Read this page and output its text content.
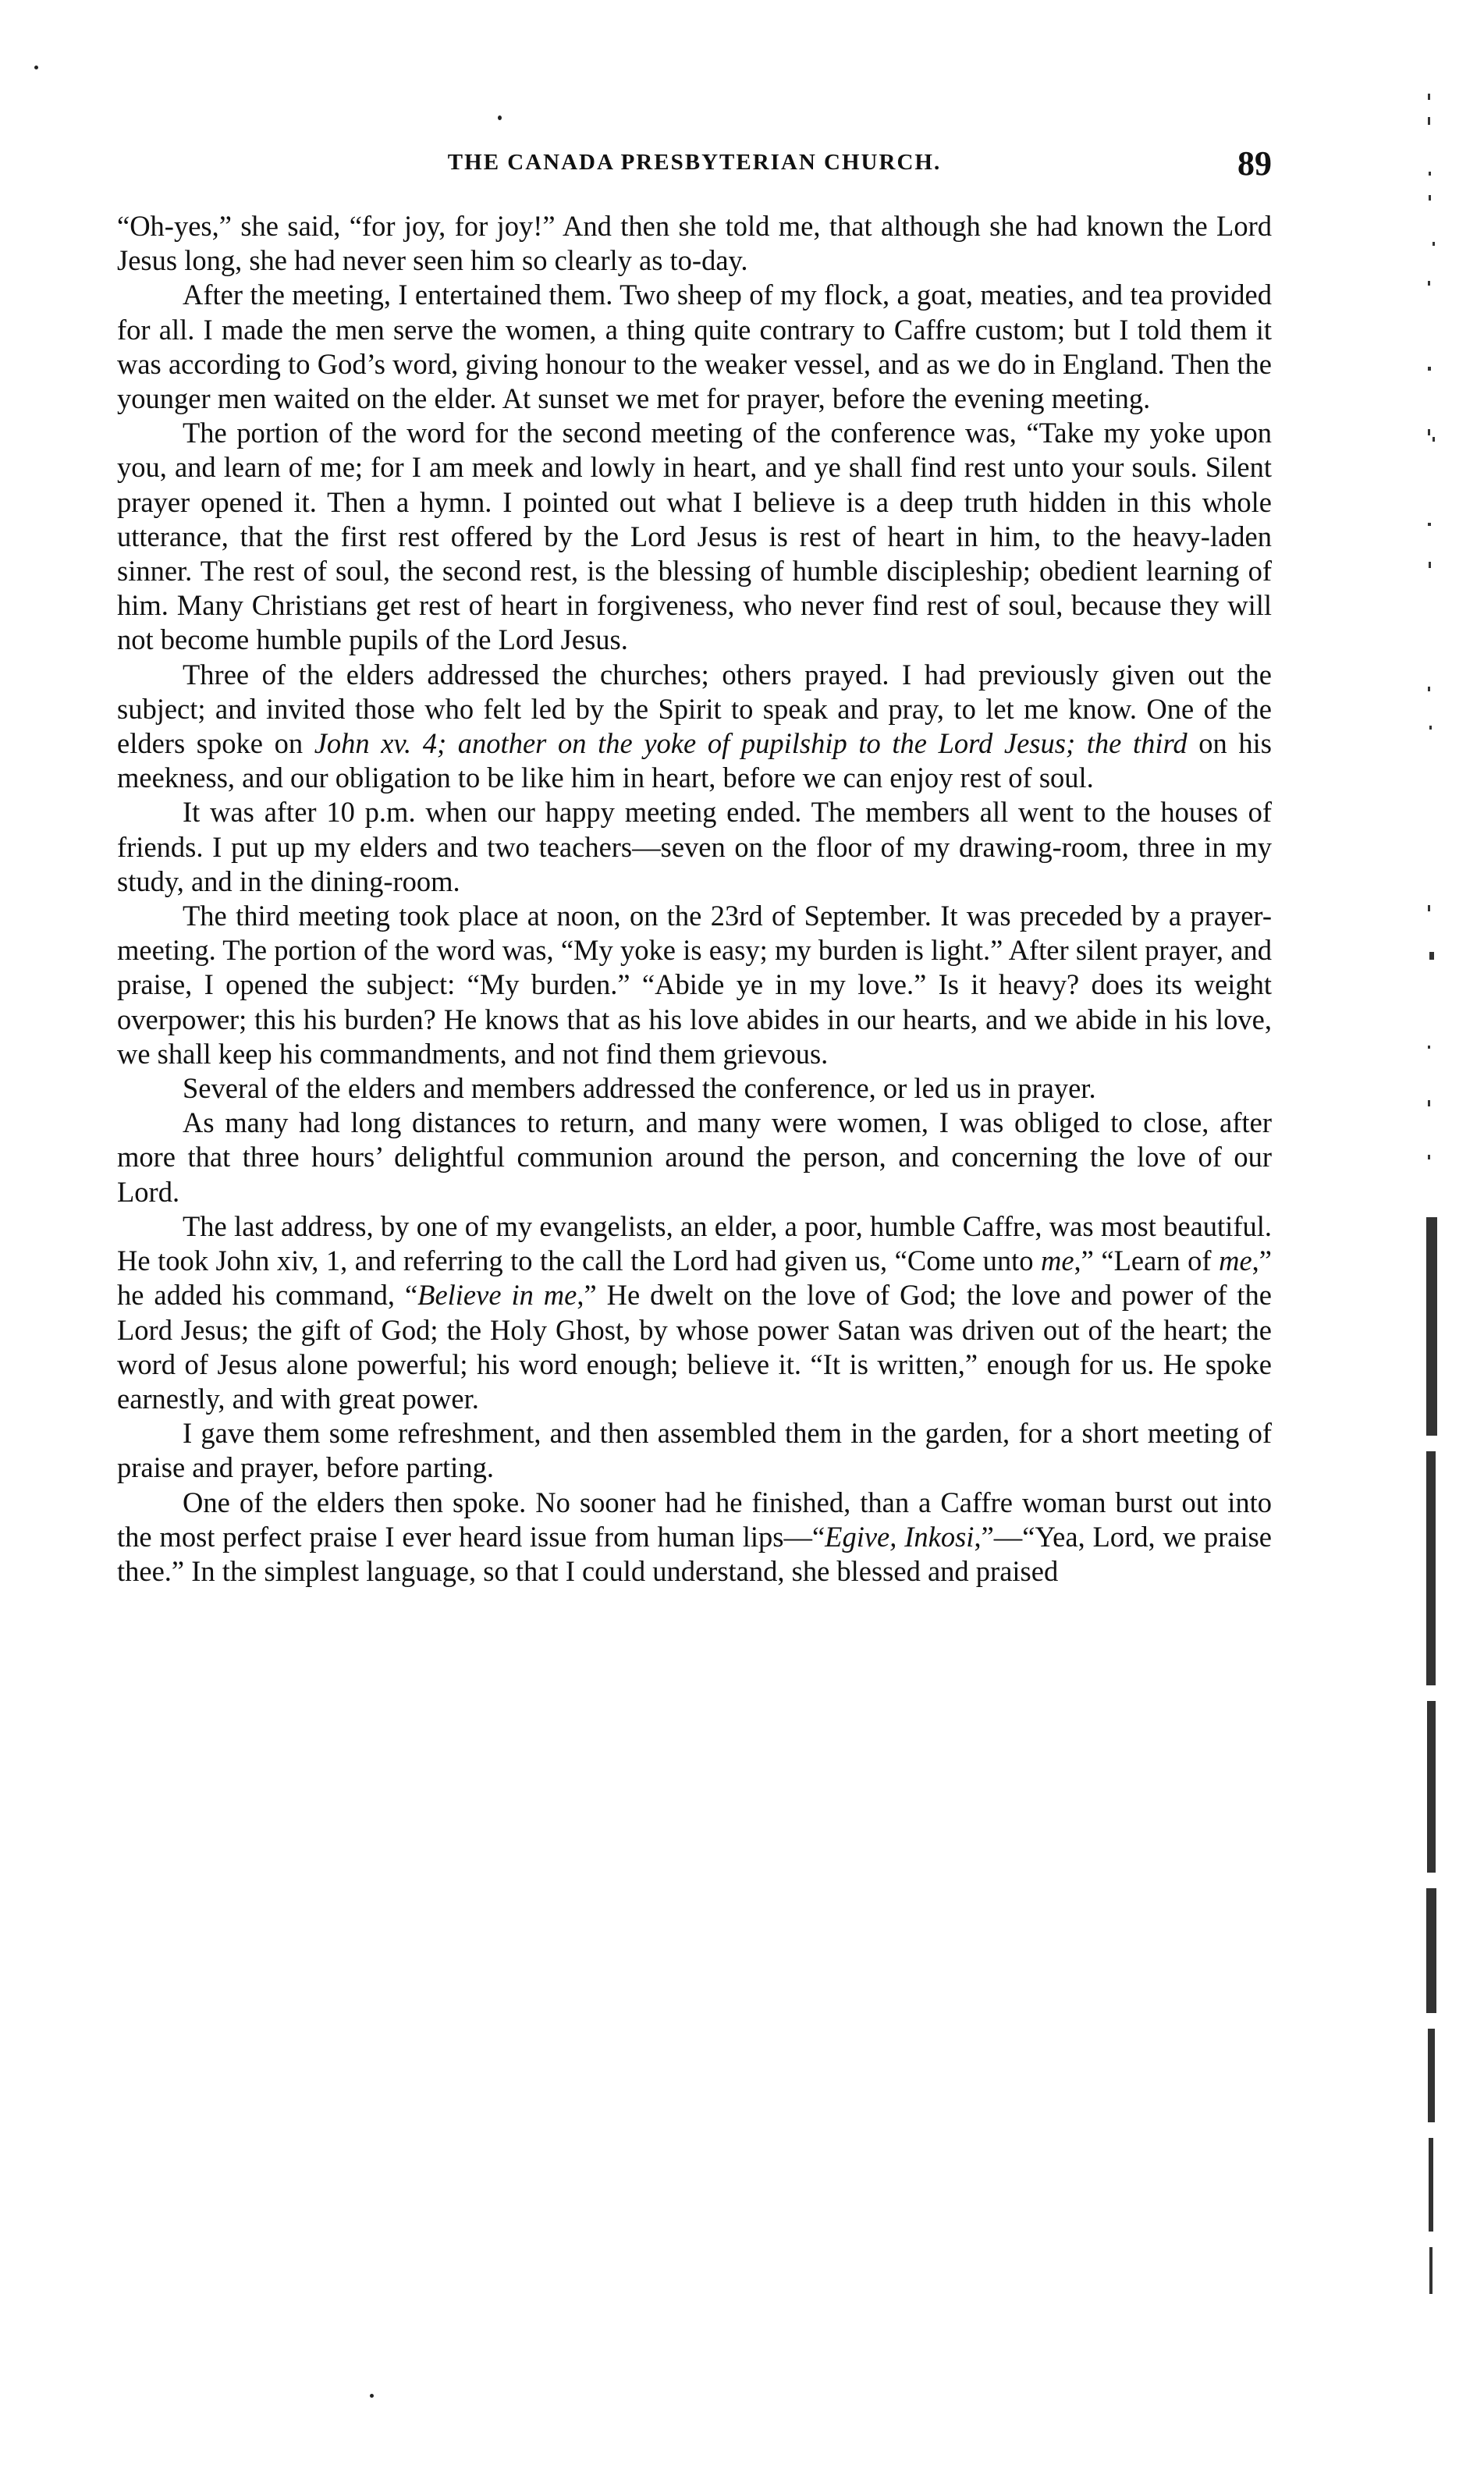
THE CANADA PRESBYTERIAN CHURCH.	89

“Oh-yes,” she said, “for joy, for joy!” And then she told me, that although she had known the Lord Jesus long, she had never seen him so clearly as to-day.

After the meeting, I entertained them. Two sheep of my flock, a goat, meaties, and tea provided for all. I made the men serve the women, a thing quite contrary to Caffre custom; but I told them it was according to God’s word, giving honour to the weaker vessel, and as we do in England. Then the younger men waited on the elder. At sunset we met for prayer, before the evening meeting.

The portion of the word for the second meeting of the conference was, “Take my yoke upon you, and learn of me; for I am meek and lowly in heart, and ye shall find rest unto your souls. Silent prayer opened it. Then a hymn. I pointed out what I believe is a deep truth hidden in this whole utterance, that the first rest offered by the Lord Jesus is rest of heart in him, to the heavy-laden sinner. The rest of soul, the second rest, is the blessing of humble discipleship; obedient learning of him. Many Christians get rest of heart in forgiveness, who never find rest of soul, because they will not become humble pupils of the Lord Jesus.

Three of the elders addressed the churches; others prayed. I had previously given out the subject; and invited those who felt led by the Spirit to speak and pray, to let me know. One of the elders spoke on John xv. 4; another on the yoke of pupilship to the Lord Jesus; the third on his meekness, and our obligation to be like him in heart, before we can enjoy rest of soul.

It was after 10 p.m. when our happy meeting ended. The members all went to the houses of friends. I put up my elders and two teachers—seven on the floor of my drawing-room, three in my study, and in the dining-room.

The third meeting took place at noon, on the 23rd of September. It was preceded by a prayer-meeting. The portion of the word was, “My yoke is easy; my burden is light.” After silent prayer, and praise, I opened the subject: “My burden.” “Abide ye in my love.” Is it heavy? does its weight overpower; this his burden? He knows that as his love abides in our hearts, and we abide in his love, we shall keep his commandments, and not find them grievous.

Several of the elders and members addressed the conference, or led us in prayer.

As many had long distances to return, and many were women, I was obliged to close, after more that three hours’ delightful communion around the person, and concerning the love of our Lord.

The last address, by one of my evangelists, an elder, a poor, humble Caffre, was most beautiful. He took John xiv, 1, and referring to the call the Lord had given us, “Come unto me,” “Learn of me,” he added his command, “Believe in me,” He dwelt on the love of God; the love and power of the Lord Jesus; the gift of God; the Holy Ghost, by whose power Satan was driven out of the heart; the word of Jesus alone powerful; his word enough; believe it. “It is written,” enough for us. He spoke earnestly, and with great power.

I gave them some refreshment, and then assembled them in the garden, for a short meeting of praise and prayer, before parting.

One of the elders then spoke. No sooner had he finished, than a Caffre woman burst out into the most perfect praise I ever heard issue from human lips—“Egive, Inkosi,”—“Yea, Lord, we praise thee.” In the simplest language, so that I could understand, she blessed and praised
